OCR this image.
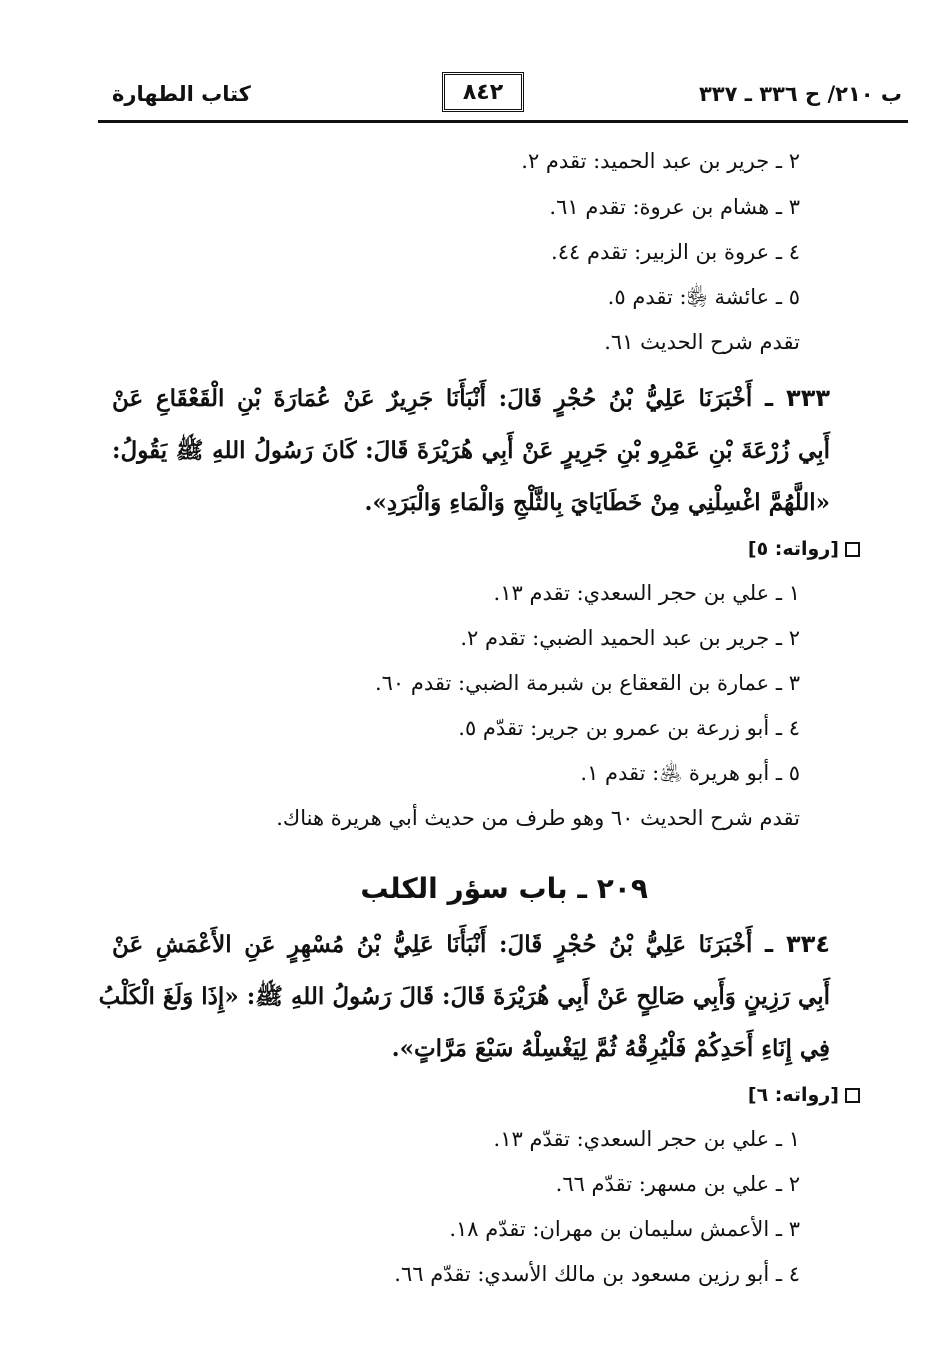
ب ٢١٠/ ح ٣٣٦ ـ ٣٣٧
٨٤٢
كتاب الطهارة
٢ ـ جرير بن عبد الحميد: تقدم ٢.
٣ ـ هشام بن عروة: تقدم ٦١.
٤ ـ عروة بن الزبير: تقدم ٤٤.
٥ ـ عائشة ﵂: تقدم ٥.
تقدم شرح الحديث ٦١.
٣٣٣ ـ أَخْبَرَنَا عَلِيُّ بْنُ حُجْرٍ قَالَ: أَنْبَأَنَا جَرِيرٌ عَنْ عُمَارَةَ بْنِ الْقَعْقَاعِ عَنْ
أَبِي زُرْعَةَ بْنِ عَمْرِو بْنِ جَرِيرٍ عَنْ أَبِي هُرَيْرَةَ قَالَ: كَانَ رَسُولُ اللهِ ﷺ يَقُولُ:
«اللَّهُمَّ اغْسِلْنِي مِنْ خَطَايَايَ بِالثَّلْجِ وَالْمَاءِ وَالْبَرَدِ».
[رواته: ٥]
١ ـ علي بن حجر السعدي: تقدم ١٣.
٢ ـ جرير بن عبد الحميد الضبي: تقدم ٢.
٣ ـ عمارة بن القعقاع بن شبرمة الضبي: تقدم ٦٠.
٤ ـ أبو زرعة بن عمرو بن جرير: تقدّم ٥.
٥ ـ أبو هريرة ﵁: تقدم ١.
تقدم شرح الحديث ٦٠ وهو طرف من حديث أبي هريرة هناك.
٢٠٩ ـ باب سؤر الكلب
٣٣٤ ـ أَخْبَرَنَا عَلِيُّ بْنُ حُجْرٍ قَالَ: أَنْبَأَنَا عَلِيُّ بْنُ مُسْهِرٍ عَنِ الأَعْمَشِ عَنْ
أَبِي رَزِينٍ وَأَبِي صَالِحٍ عَنْ أَبِي هُرَيْرَةَ قَالَ: قَالَ رَسُولُ اللهِ ﷺ: «إِذَا وَلَغَ الْكَلْبُ
فِي إِنَاءِ أَحَدِكُمْ فَلْيُرِقْهُ ثُمَّ لِيَغْسِلْهُ سَبْعَ مَرَّاتٍ».
[رواته: ٦]
١ ـ علي بن حجر السعدي: تقدّم ١٣.
٢ ـ علي بن مسهر: تقدّم ٦٦.
٣ ـ الأعمش سليمان بن مهران: تقدّم ١٨.
٤ ـ أبو رزين مسعود بن مالك الأسدي: تقدّم ٦٦.
